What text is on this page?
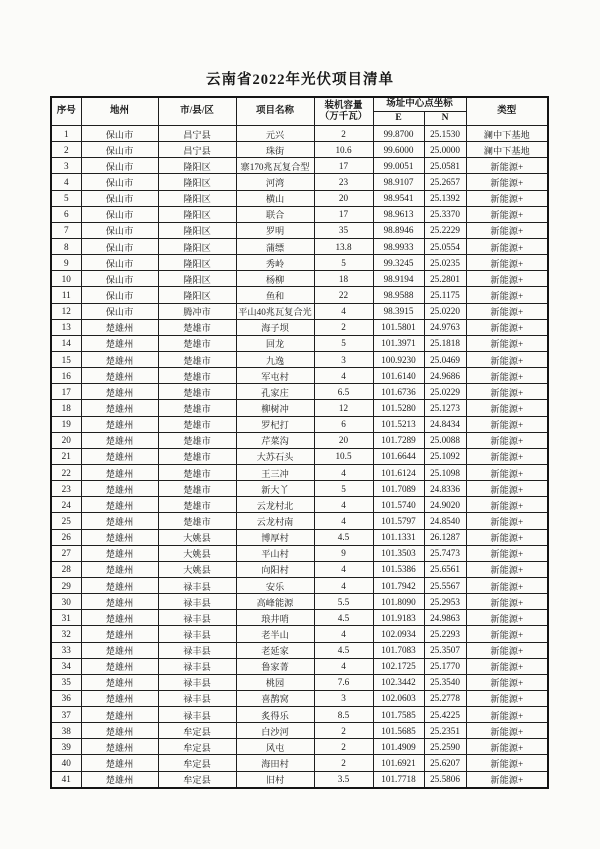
云南省2022年光伏项目清单
序号	地州	市/县/区	项目名称	装机容量
（万千瓦）	场址中心点坐标		类型
					E	N	
1	保山市	昌宁县	元兴	2	99.8700	25.1530	澜中下基地
2	保山市	昌宁县	珠街	10.6	99.6000	25.0000	澜中下基地
3	保山市	隆阳区	寨170兆瓦复合型	17	99.0051	25.0581	新能源+
4	保山市	隆阳区	河湾	23	98.9107	25.2657	新能源+
5	保山市	隆阳区	横山	20	98.9541	25.1392	新能源+
6	保山市	隆阳区	联合	17	98.9613	25.3370	新能源+
7	保山市	隆阳区	罗明	35	98.8946	25.2229	新能源+
8	保山市	隆阳区	蒲缥	13.8	98.9933	25.0554	新能源+
9	保山市	隆阳区	秀岭	5	99.3245	25.0235	新能源+
10	保山市	隆阳区	杨柳	18	98.9194	25.2801	新能源+
11	保山市	隆阳区	鱼和	22	98.9588	25.1175	新能源+
12	保山市	腾冲市	平山40兆瓦复合光	4	98.3915	25.0220	新能源+
13	楚雄州	楚雄市	海子坝	2	101.5801	24.9763	新能源+
14	楚雄州	楚雄市	回龙	5	101.3971	25.1818	新能源+
15	楚雄州	楚雄市	九逸	3	100.9230	25.0469	新能源+
16	楚雄州	楚雄市	军屯村	4	101.6140	24.9686	新能源+
17	楚雄州	楚雄市	孔家庄	6.5	101.6736	25.0229	新能源+
18	楚雄州	楚雄市	柳树冲	12	101.5280	25.1273	新能源+
19	楚雄州	楚雄市	罗杞打	6	101.5213	24.8434	新能源+
20	楚雄州	楚雄市	芹菜沟	20	101.7289	25.0088	新能源+
21	楚雄州	楚雄市	大苏石头	10.5	101.6644	25.1092	新能源+
22	楚雄州	楚雄市	王三冲	4	101.6124	25.1098	新能源+
23	楚雄州	楚雄市	新大丫	5	101.7089	24.8336	新能源+
24	楚雄州	楚雄市	云龙村北	4	101.5740	24.9020	新能源+
25	楚雄州	楚雄市	云龙村南	4	101.5797	24.8540	新能源+
26	楚雄州	大姚县	博厚村	4.5	101.1331	26.1287	新能源+
27	楚雄州	大姚县	平山村	9	101.3503	25.7473	新能源+
28	楚雄州	大姚县	向阳村	4	101.5386	25.6561	新能源+
29	楚雄州	禄丰县	安乐	4	101.7942	25.5567	新能源+
30	楚雄州	禄丰县	高峰能源	5.5	101.8090	25.2953	新能源+
31	楚雄州	禄丰县	琅井哨	4.5	101.9183	24.9863	新能源+
32	楚雄州	禄丰县	老半山	4	102.0934	25.2293	新能源+
33	楚雄州	禄丰县	老延家	4.5	101.7083	25.3507	新能源+
34	楚雄州	禄丰县	鲁家菁	4	102.1725	25.1770	新能源+
35	楚雄州	禄丰县	桃园	7.6	102.3442	25.3540	新能源+
36	楚雄州	禄丰县	喜鹊窝	3	102.0603	25.2778	新能源+
37	楚雄州	禄丰县	炙得乐	8.5	101.7585	25.4225	新能源+
38	楚雄州	牟定县	白沙河	2	101.5685	25.2351	新能源+
39	楚雄州	牟定县	风屯	2	101.4909	25.2590	新能源+
40	楚雄州	牟定县	海田村	2	101.6921	25.6207	新能源+
41	楚雄州	牟定县	旧村	3.5	101.7718	25.5806	新能源+
